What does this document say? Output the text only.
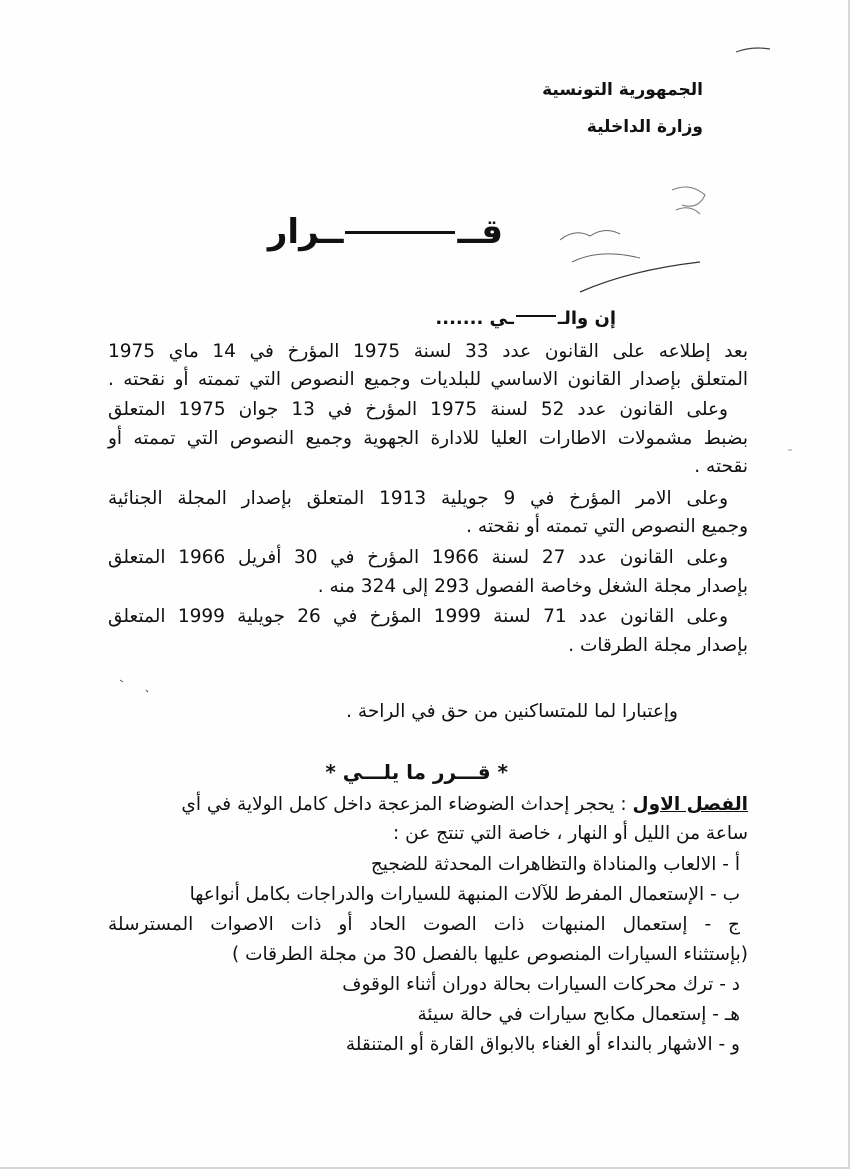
الجمهورية التونسية
وزارة الداخلية
قــــرار
إن والــي .......
بعد إطلاعه على القانون عدد 33 لسنة 1975 المؤرخ في 14 ماي 1975
المتعلق بإصدار القانون الاساسي للبلديات وجميع النصوص التي تممته أو نقحته .
وعلى القانون عدد 52 لسنة 1975 المؤرخ في 13 جوان 1975 المتعلق
بضبط مشمولات الاطارات العليا للادارة الجهوية وجميع النصوص التي تممته أو
نقحته .
وعلى الامر المؤرخ في 9 جويلية 1913 المتعلق بإصدار المجلة الجنائية
وجميع النصوص التي تممته أو نقحته .
وعلى القانون عدد 27 لسنة 1966 المؤرخ في 30 أفريل 1966 المتعلق
بإصدار مجلة الشغل وخاصة الفصول 293 إلى 324 منه .
وعلى القانون عدد 71 لسنة 1999 المؤرخ في 26 جويلية 1999 المتعلق
بإصدار مجلة الطرقات .
وإعتبارا لما للمتساكنين من حق في الراحة .
* قـــرر ما يلـــي *
الفصل الاول : يحجر إحداث الضوضاء المزعجة داخل كامل الولاية في أي
ساعة من الليل أو النهار ، خاصة التي تنتج عن :
أ - الالعاب والمناداة والتظاهرات المحدثة للضجيج
ب - الإستعمال المفرط للآلات المنبهة للسيارات والدراجات بكامل أنواعها
ج - إستعمال المنبهات ذات الصوت الحاد أو ذات الاصوات المسترسلة
(بإستثناء السيارات المنصوص عليها بالفصل 30 من مجلة الطرقات )
د - ترك محركات السيارات بحالة دوران أثناء الوقوف
هـ - إستعمال مكابح سيارات في حالة سيئة
و - الاشهار بالنداء أو الغناء بالابواق القارة أو المتنقلة
